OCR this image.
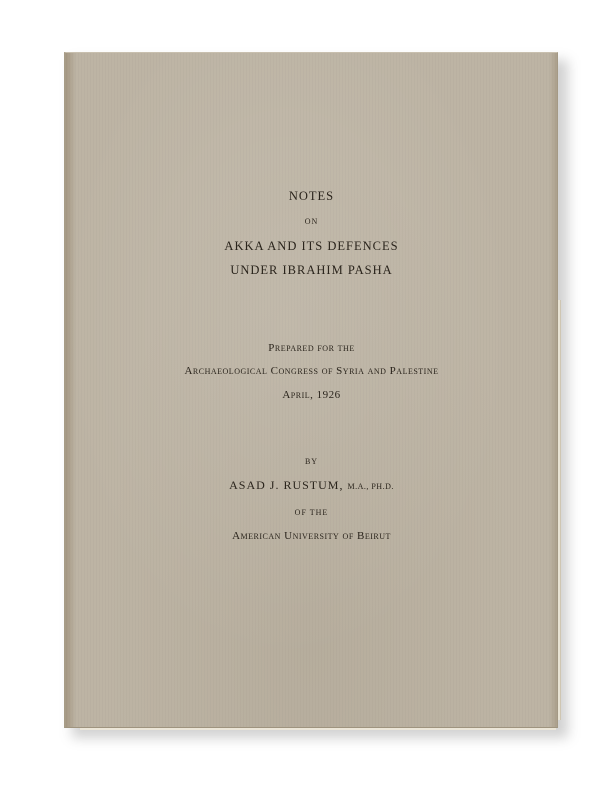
NOTES
ON
AKKA AND ITS DEFENCES
UNDER IBRAHIM PASHA
Prepared for the
Archaeological Congress of Syria and Palestine
April, 1926
BY
ASAD J. RUSTUM, M.A., PH.D.
OF THE
American University of Beirut
